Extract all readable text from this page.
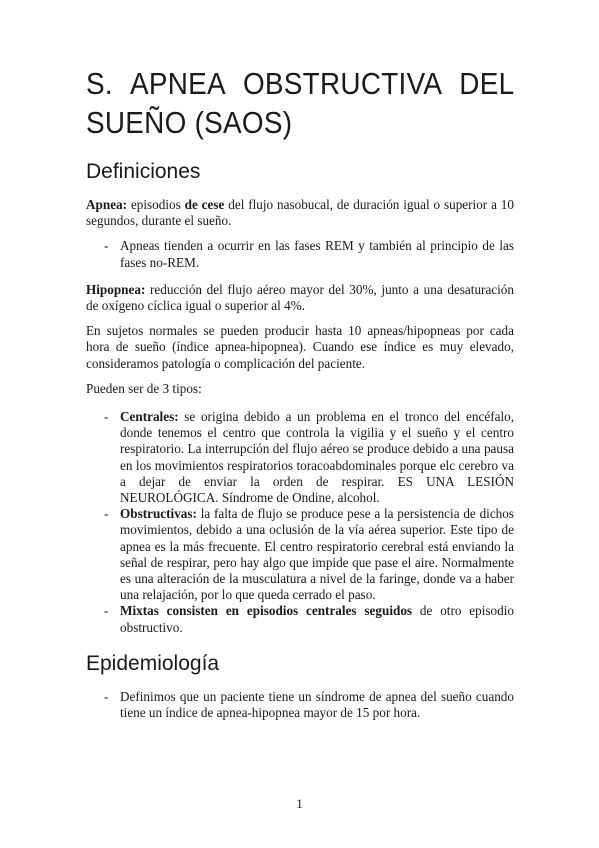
S. APNEA OBSTRUCTIVA DEL SUEÑO (SAOS)
Definiciones

Apnea: episodios de cese del flujo nasobucal, de duración igual o superior a 10 segundos, durante el sueño.

- Apneas tienden a ocurrir en las fases REM y también al principio de las fases no-REM.

Hipopnea: reducción del flujo aéreo mayor del 30%, junto a una desaturación de oxígeno cíclica igual o superior al 4%.

En sujetos normales se pueden producir hasta 10 apneas/hipopneas por cada hora de sueño (índice apnea-hipopnea). Cuando ese índice es muy elevado, consideramos patología o complicación del paciente.

Pueden ser de 3 tipos:

- Centrales: se origina debido a un problema en el tronco del encéfalo, donde tenemos el centro que controla la vigilia y el sueño y el centro respiratorio. La interrupción del flujo aéreo se produce debido a una pausa en los movimientos respiratorios toracoabdominales porque elc cerebro va a dejar de enviar la orden de respirar. ES UNA LESIÓN NEUROLÓGICA. Síndrome de Ondine, alcohol.
- Obstructivas: la falta de flujo se produce pese a la persistencia de dichos movimientos, debido a una oclusión de la vía aérea superior. Este tipo de apnea es la más frecuente. El centro respiratorio cerebral está enviando la señal de respirar, pero hay algo que impide que pase el aire. Normalmente es una alteración de la musculatura a nivel de la faringe, donde va a haber una relajación, por lo que queda cerrado el paso.
- Mixtas consisten en episodios centrales seguidos de otro episodio obstructivo.
Epidemiología
- Definimos que un paciente tiene un síndrome de apnea del sueño cuando tiene un índice de apnea-hipopnea mayor de 15 por hora.
1
